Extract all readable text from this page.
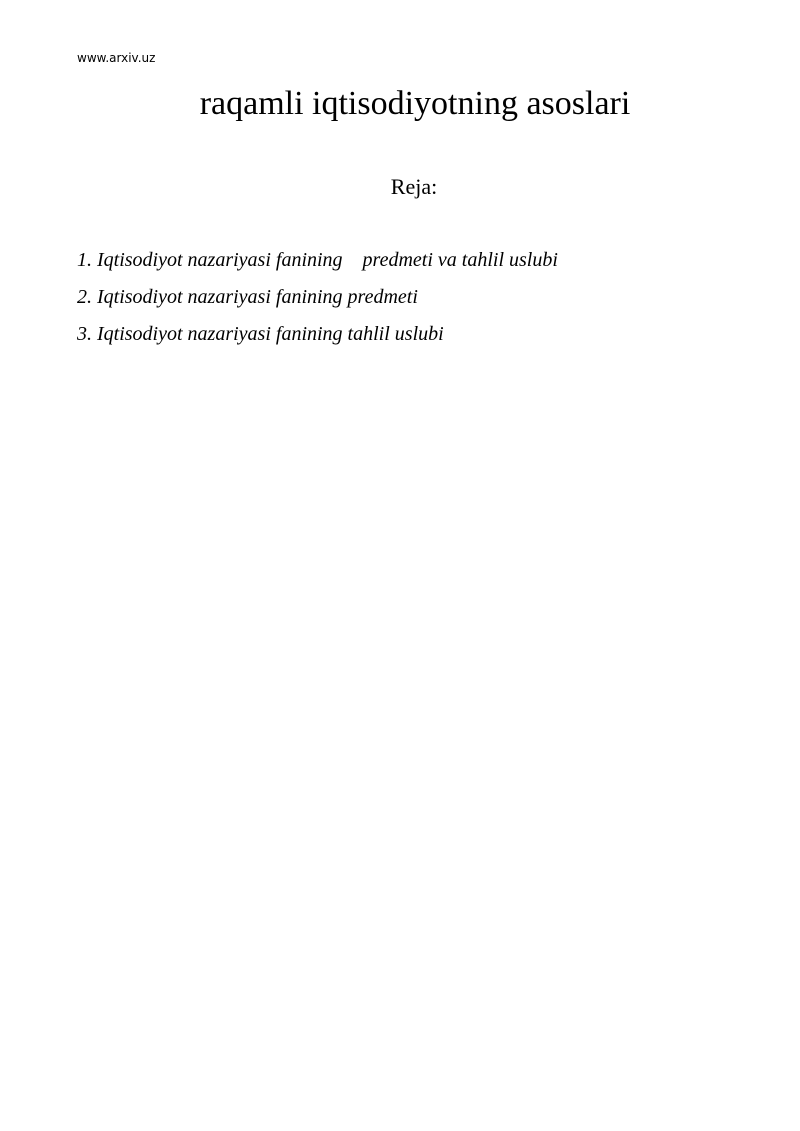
www.arxiv.uz
raqamli iqtisodiyotning asoslari
Reja:
1. Iqtisodiyot nazariyasi fanining    predmeti va tahlil uslubi
2. Iqtisodiyot nazariyasi fanining predmeti
3. Iqtisodiyot nazariyasi fanining tahlil uslubi
